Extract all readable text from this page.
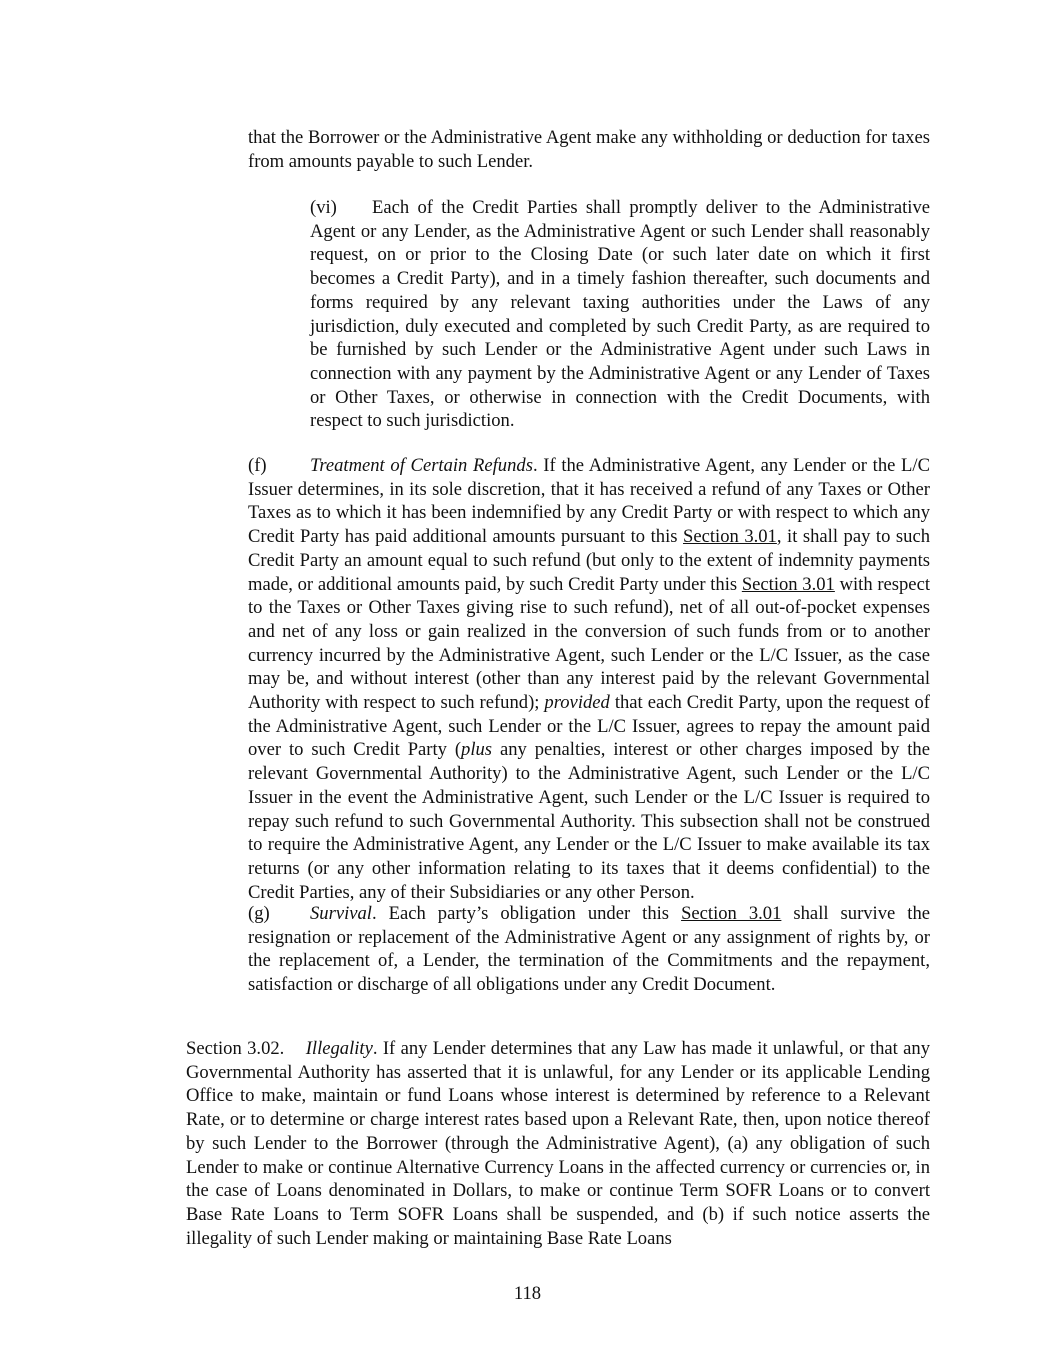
that the Borrower or the Administrative Agent make any withholding or deduction for taxes from amounts payable to such Lender.

(vi) Each of the Credit Parties shall promptly deliver to the Administrative Agent or any Lender, as the Administrative Agent or such Lender shall reasonably request, on or prior to the Closing Date (or such later date on which it first becomes a Credit Party), and in a timely fashion thereafter, such documents and forms required by any relevant taxing authorities under the Laws of any jurisdiction, duly executed and completed by such Credit Party, as are required to be furnished by such Lender or the Administrative Agent under such Laws in connection with any payment by the Administrative Agent or any Lender of Taxes or Other Taxes, or otherwise in connection with the Credit Documents, with respect to such jurisdiction.

(f) Treatment of Certain Refunds. If the Administrative Agent, any Lender or the L/C Issuer determines, in its sole discretion, that it has received a refund of any Taxes or Other Taxes as to which it has been indemnified by any Credit Party or with respect to which any Credit Party has paid additional amounts pursuant to this Section 3.01, it shall pay to such Credit Party an amount equal to such refund (but only to the extent of indemnity payments made, or additional amounts paid, by such Credit Party under this Section 3.01 with respect to the Taxes or Other Taxes giving rise to such refund), net of all out-of-pocket expenses and net of any loss or gain realized in the conversion of such funds from or to another currency incurred by the Administrative Agent, such Lender or the L/C Issuer, as the case may be, and without interest (other than any interest paid by the relevant Governmental Authority with respect to such refund); provided that each Credit Party, upon the request of the Administrative Agent, such Lender or the L/C Issuer, agrees to repay the amount paid over to such Credit Party (plus any penalties, interest or other charges imposed by the relevant Governmental Authority) to the Administrative Agent, such Lender or the L/C Issuer in the event the Administrative Agent, such Lender or the L/C Issuer is required to repay such refund to such Governmental Authority. This subsection shall not be construed to require the Administrative Agent, any Lender or the L/C Issuer to make available its tax returns (or any other information relating to its taxes that it deems confidential) to the Credit Parties, any of their Subsidiaries or any other Person.

(g) Survival. Each party’s obligation under this Section 3.01 shall survive the resignation or replacement of the Administrative Agent or any assignment of rights by, or the replacement of, a Lender, the termination of the Commitments and the repayment, satisfaction or discharge of all obligations under any Credit Document.

Section 3.02. Illegality. If any Lender determines that any Law has made it unlawful, or that any Governmental Authority has asserted that it is unlawful, for any Lender or its applicable Lending Office to make, maintain or fund Loans whose interest is determined by reference to a Relevant Rate, or to determine or charge interest rates based upon a Relevant Rate, then, upon notice thereof by such Lender to the Borrower (through the Administrative Agent), (a) any obligation of such Lender to make or continue Alternative Currency Loans in the affected currency or currencies or, in the case of Loans denominated in Dollars, to make or continue Term SOFR Loans or to convert Base Rate Loans to Term SOFR Loans shall be suspended, and (b) if such notice asserts the illegality of such Lender making or maintaining Base Rate Loans

118
